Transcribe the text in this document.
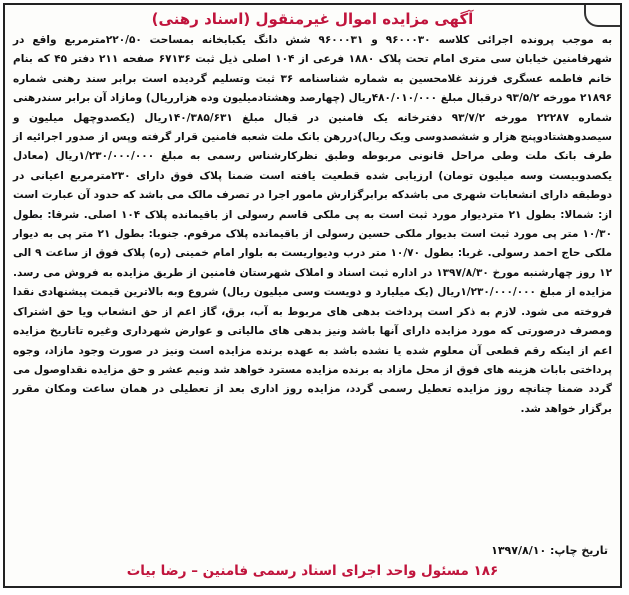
آگهی مزایده اموال غیرمنقول (اسناد رهنی)

به موجب پرونده اجرائی کلاسه ۹۶۰۰۰۳۰ و ۹۶۰۰۰۳۱ شش دانگ یکبابخانه بمساحت ۲۲۰/۵۰مترمربع واقع در شهرفامنین خیابان سی متری امام تحت پلاک ۱۸۸۰ فرعی از ۱۰۴ اصلی ذیل ثبت ۶۷۱۳۶ صفحه ۲۱۱ دفتر ۴۵ که بنام خانم فاطمه عسگری فرزند غلامحسین به شماره شناسنامه ۳۶ ثبت وتسلیم گردیده است برابر سند رهنی شماره ۲۱۸۹۶ مورخه ۹۳/۵/۲ درقبال مبلغ ۴۸۰/۰۱۰/۰۰۰ریال (چهارصد وهشتادمیلیون وده هزارریال) ومازاد آن برابر سندرهنی شماره ۲۲۲۸۷ مورخه ۹۳/۷/۲ دفترخانه یک فامنین در قبال مبلغ ۱۴۰/۳۸۵/۶۳۱ریال (یکصدوچهل میلیون و سیصدوهشتادوپنج هزار و ششصدوسی ویک ریال)دررهن بانک ملت شعبه فامنین قرار گرفته وپس از صدور اجرائیه از طرف بانک ملت وطی مراحل قانونی مربوطه وطبق نظرکارشناس رسمی به مبلغ ۱/۲۳۰/۰۰۰/۰۰۰ریال (معادل یکصدوبیست وسه میلیون تومان) ارزیابی شده قطعیت یافته است ضمنا پلاک فوق دارای ۲۳۰مترمربع اعیانی در دوطبقه دارای انشعابات شهری می باشدکه برابرگزارش مامور اجرا در تصرف مالک می باشد که حدود آن عبارت است از: شمالا: بطول ۲۱ متردیوار مورد ثبت است به پی ملکی قاسم رسولی از باقیمانده پلاک ۱۰۴ اصلی. شرقا: بطول ۱۰/۳۰ متر پی مورد ثبت است بدیوار ملکی حسین رسولی از باقیمانده پلاک مرقوم. جنوبا: بطول ۲۱ متر پی به دیوار ملکی حاج احمد رسولی. غربا: بطول ۱۰/۷۰ متر درب ودیواریست به بلوار امام خمینی (ره) پلاک فوق از ساعت ۹ الی ۱۲ روز چهارشنبه مورخ ۱۳۹۷/۸/۳۰ در اداره ثبت اسناد و املاک شهرستان فامنین از طریق مزایده به فروش می رسد. مزایده از مبلغ ۱/۲۳۰/۰۰۰/۰۰۰ریال (یک میلیارد و دویست وسی میلیون ریال) شروع وبه بالاترین قیمت پیشنهادی نقدا فروخته می شود. لازم به ذکر است پرداخت بدهی های مربوط به آب، برق، گاز اعم از حق انشعاب ویا حق اشتراک ومصرف درصورتی که مورد مزایده دارای آنها باشد ونیز بدهی های مالیاتی و عوارض شهرداری وغیره تاتاریخ مزایده اعم از اینکه رقم قطعی آن معلوم شده یا نشده باشد به عهده برنده مزایده است ونیز در صورت وجود مازاد، وجوه پرداختی بابات هزینه های فوق از محل مازاد به برنده مزایده مسترد خواهد شد ونیم عشر و حق مزایده نقداوصول می گردد ضمنا چنانچه روز مزایده تعطیل رسمی گردد، مزایده روز اداری بعد از تعطیلی در همان ساعت ومکان مقرر برگزار خواهد شد.

تاریخ چاپ: ۱۳۹۷/۸/۱۰
۱۸۶ مسئول واحد اجرای اسناد رسمی فامنین – رضا بیات
